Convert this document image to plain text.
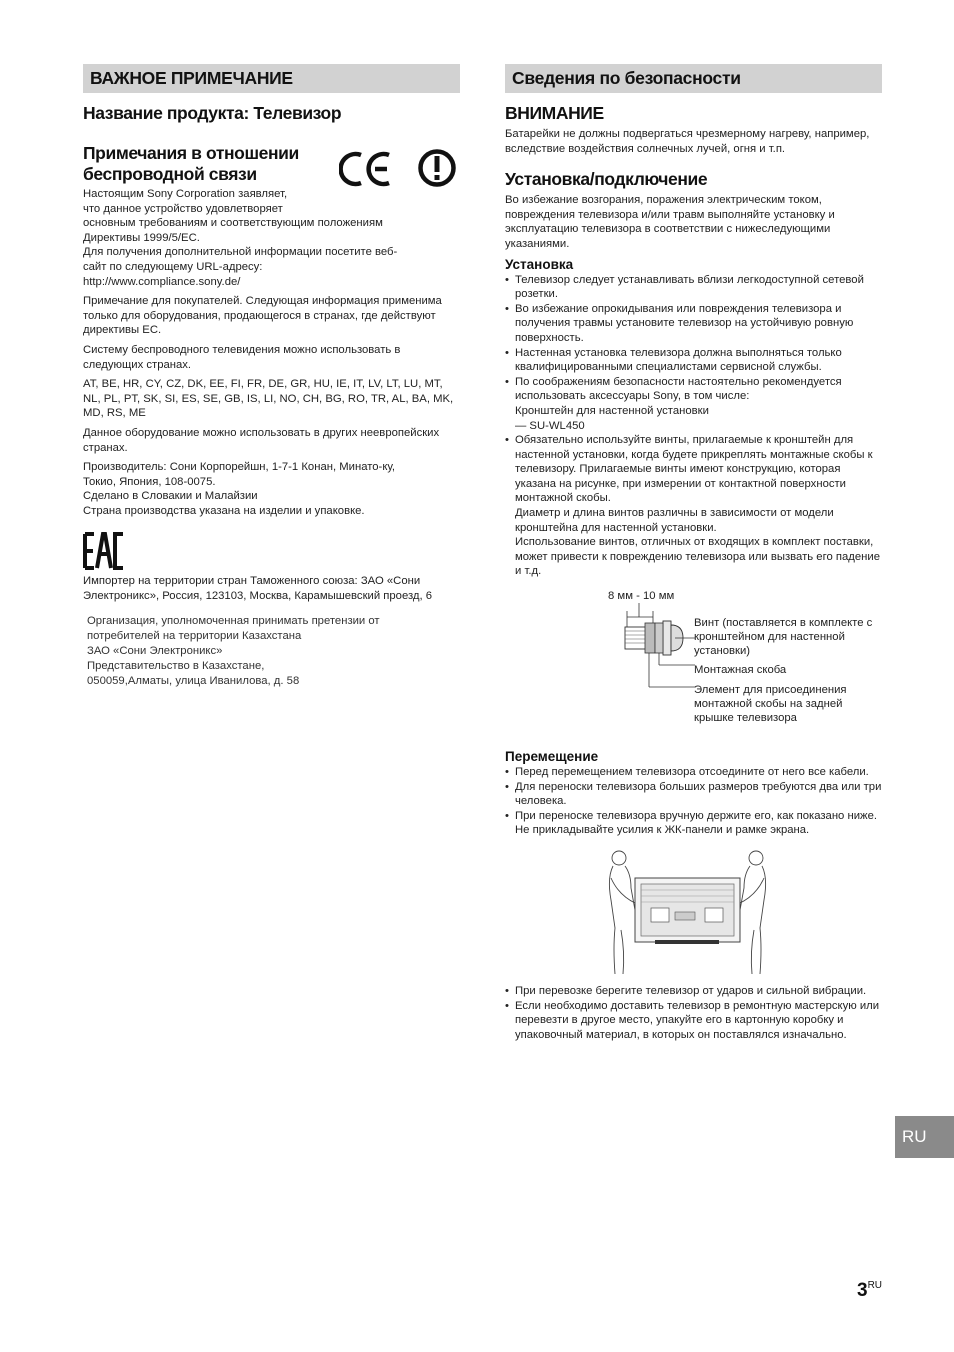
ВАЖНОЕ ПРИМЕЧАНИЕ
Название продукта: Телевизор
Примечания в отношении
беспроводной связи

Настоящим Sony Corporation заявляет,

что данное устройство удовлетворяет

основным требованиям и соответствующим положениям

Директивы 1999/5/EC.

Для получения дополнительной информации посетите веб-

сайт по следующему URL-адресу:

http://www.compliance.sony.de/

Примечание для покупателей. Следующая информация применима только для оборудования, продающегося в странах, где действуют директивы ЕС.

Систему беспроводного телевидения можно использовать в следующих странах.

AT, BE, HR, CY, CZ, DK, EE, FI, FR, DE, GR, HU, IE, IT, LV, LT, LU, MT, NL, PL, PT, SK, SI, ES, SE, GB, IS, LI, NO, CH, BG, RO, TR, AL, BA, MK, MD, RS, ME

Данное оборудование можно использовать в других неевропейских странах.

Производитель: Сони Корпорейшн, 1-7-1 Конан, Минато-ку,

Токио, Япония, 108-0075.

Сделано в Словакии и Малайзии

Страна производства указана на изделии и упаковке.

Импортер на территории стран Таможенного союза: ЗАО «Сони Электроникс», Россия, 123103, Москва, Карамышевский проезд, 6

Организация, уполномоченная принимать претензии от

потребителей на территории Казахстана

ЗАО «Сони Электроникс»

Представительство в Казахстане,

050059,Алматы, улица Иванилова, д. 58

Сведения по безопасности
ВНИМАНИЕ

Батарейки не должны подвергаться чрезмерному нагреву, например, вследствие воздействия солнечных лучей, огня и т.п.

Установка/подключение

Во избежание возгорания, поражения электрическим током, повреждения телевизора и/или травм выполняйте установку и эксплуатацию телевизора в соответствии с нижеследующими указаниями.

Установка
• Телевизор следует устанавливать вблизи легкодоступной сетевой розетки.
• Во избежание опрокидывания или повреждения телевизора и получения травмы установите телевизор на устойчивую ровную поверхность.
• Настенная установка телевизора должна выполняться только квалифицированными специалистами сервисной службы.
• По соображениям безопасности настоятельно рекомендуется использовать аксессуары Sony, в том числе:
Кронштейн для настенной установки
— SU-WL450
• Обязательно используйте винты, прилагаемые к кронштейн для настенной установки, когда будете прикреплять монтажные скобы к телевизору. Прилагаемые винты имеют конструкцию, которая указана на рисунке, при измерении от контактной поверхности монтажной скобы.
Диаметр и длина винтов различны в зависимости от модели кронштейна для настенной установки.
Использование винтов, отличных от входящих в комплект поставки, может привести к повреждению телевизора или вызвать его падение и т.д.
8 мм - 10 мм
Винт (поставляется в комплекте с кронштейном для настенной установки)
Монтажная скоба
Элемент для присоединения монтажной скобы на задней крышке телевизора
Перемещение
• Перед перемещением телевизора отсоедините от него все кабели.
• Для переноски телевизора больших размеров требуются два или три человека.
• При переноске телевизора вручную держите его, как показано ниже. Не прикладывайте усилия к ЖК-панели и рамке экрана.
• При перевозке берегите телевизор от ударов и сильной вибрации.
• Если необходимо доставить телевизор в ремонтную мастерскую или перевезти в другое место, упакуйте его в картонную коробку и упаковочный материал, в которых он поставлялся изначально.
RU
$3^{RU}$
